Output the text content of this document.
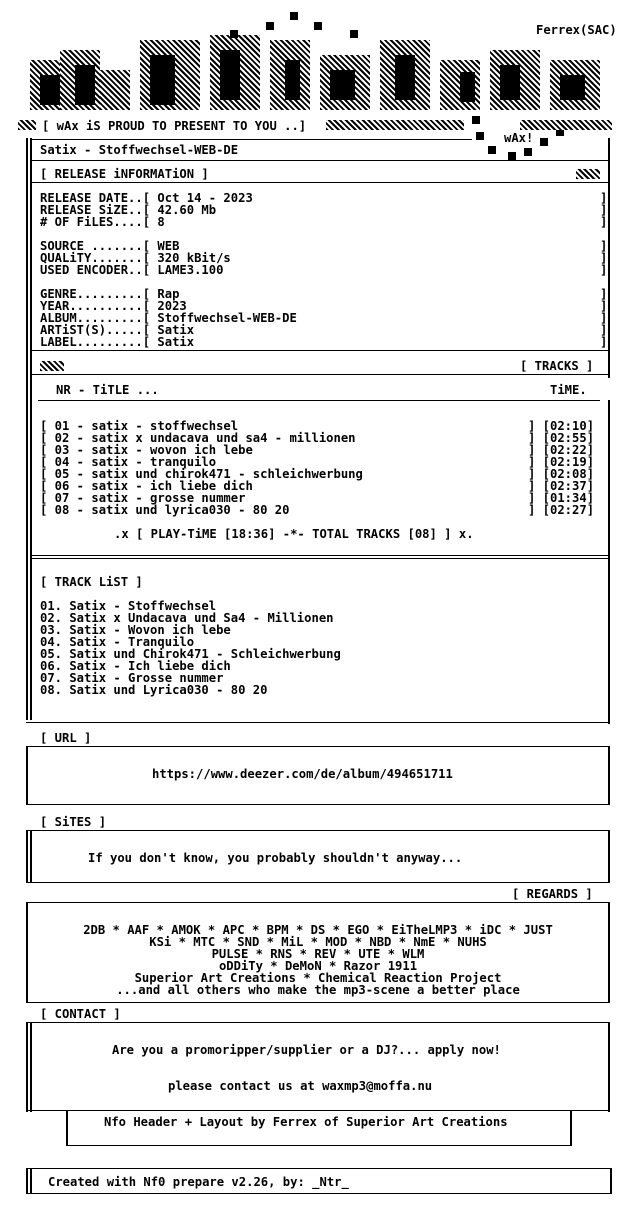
Ferrex(SAC)
[ wAx iS PROUD TO PRESENT TO YOU ..]
wAx!
Satix - Stoffwechsel-WEB-DE
[ RELEASE iNFORMATiON ]
RELEASE DATE..[ Oct 14 - 2023	]
RELEASE SiZE..[ 42.60 Mb	]
# OF FiLES....[ 8	]
SOURCE .......[ WEB	]
QUALiTY.......[ 320 kBit/s	]
USED ENCODER..[ LAME3.100	]
GENRE.........[ Rap	]
YEAR..........[ 2023	]
ALBUM.........[ Stoffwechsel-WEB-DE	]
ARTiST(S).....[ Satix	]
LABEL.........[ Satix	]
[ TRACKS ]
NR - TiTLE ...	TiME.
[ 01 - satix - stoffwechsel	] [02:10]
[ 02 - satix x undacava und sa4 - millionen	] [02:55]
[ 03 - satix - wovon ich lebe	] [02:22]
[ 04 - satix - tranquilo	] [02:19]
[ 05 - satix und chirok471 - schleichwerbung	] [02:08]
[ 06 - satix - ich liebe dich	] [02:37]
[ 07 - satix - grosse nummer	] [01:34]
[ 08 - satix und lyrica030 - 80 20	] [02:27]
.x [ PLAY-TiME [18:36] -*- TOTAL TRACKS [08] ] x.
[ TRACK LiST ]
01. Satix - Stoffwechsel
02. Satix x Undacava und Sa4 - Millionen
03. Satix - Wovon ich lebe
04. Satix - Tranquilo
05. Satix und Chirok471 - Schleichwerbung
06. Satix - Ich liebe dich
07. Satix - Grosse nummer
08. Satix und Lyrica030 - 80 20
[ URL ]
https://www.deezer.com/de/album/494651711
[ SiTES ]
If you don't know, you probably shouldn't anyway...
[ REGARDS ]
2DB * AAF * AMOK * APC * BPM * DS * EGO * EiTheLMP3 * iDC * JUST
KSi * MTC * SND * MiL * MOD * NBD * NmE * NUHS
PULSE * RNS * REV * UTE * WLM
oDDiTy * DeMoN * Razor 1911
Superior Art Creations * Chemical Reaction Project
...and all others who make the mp3-scene a better place
[ CONTACT ]
Are you a promoripper/supplier or a DJ?... apply now!
please contact us at waxmp3@moffa.nu
Nfo Header + Layout by Ferrex of Superior Art Creations
Created with Nf0 prepare v2.26, by: _Ntr_
